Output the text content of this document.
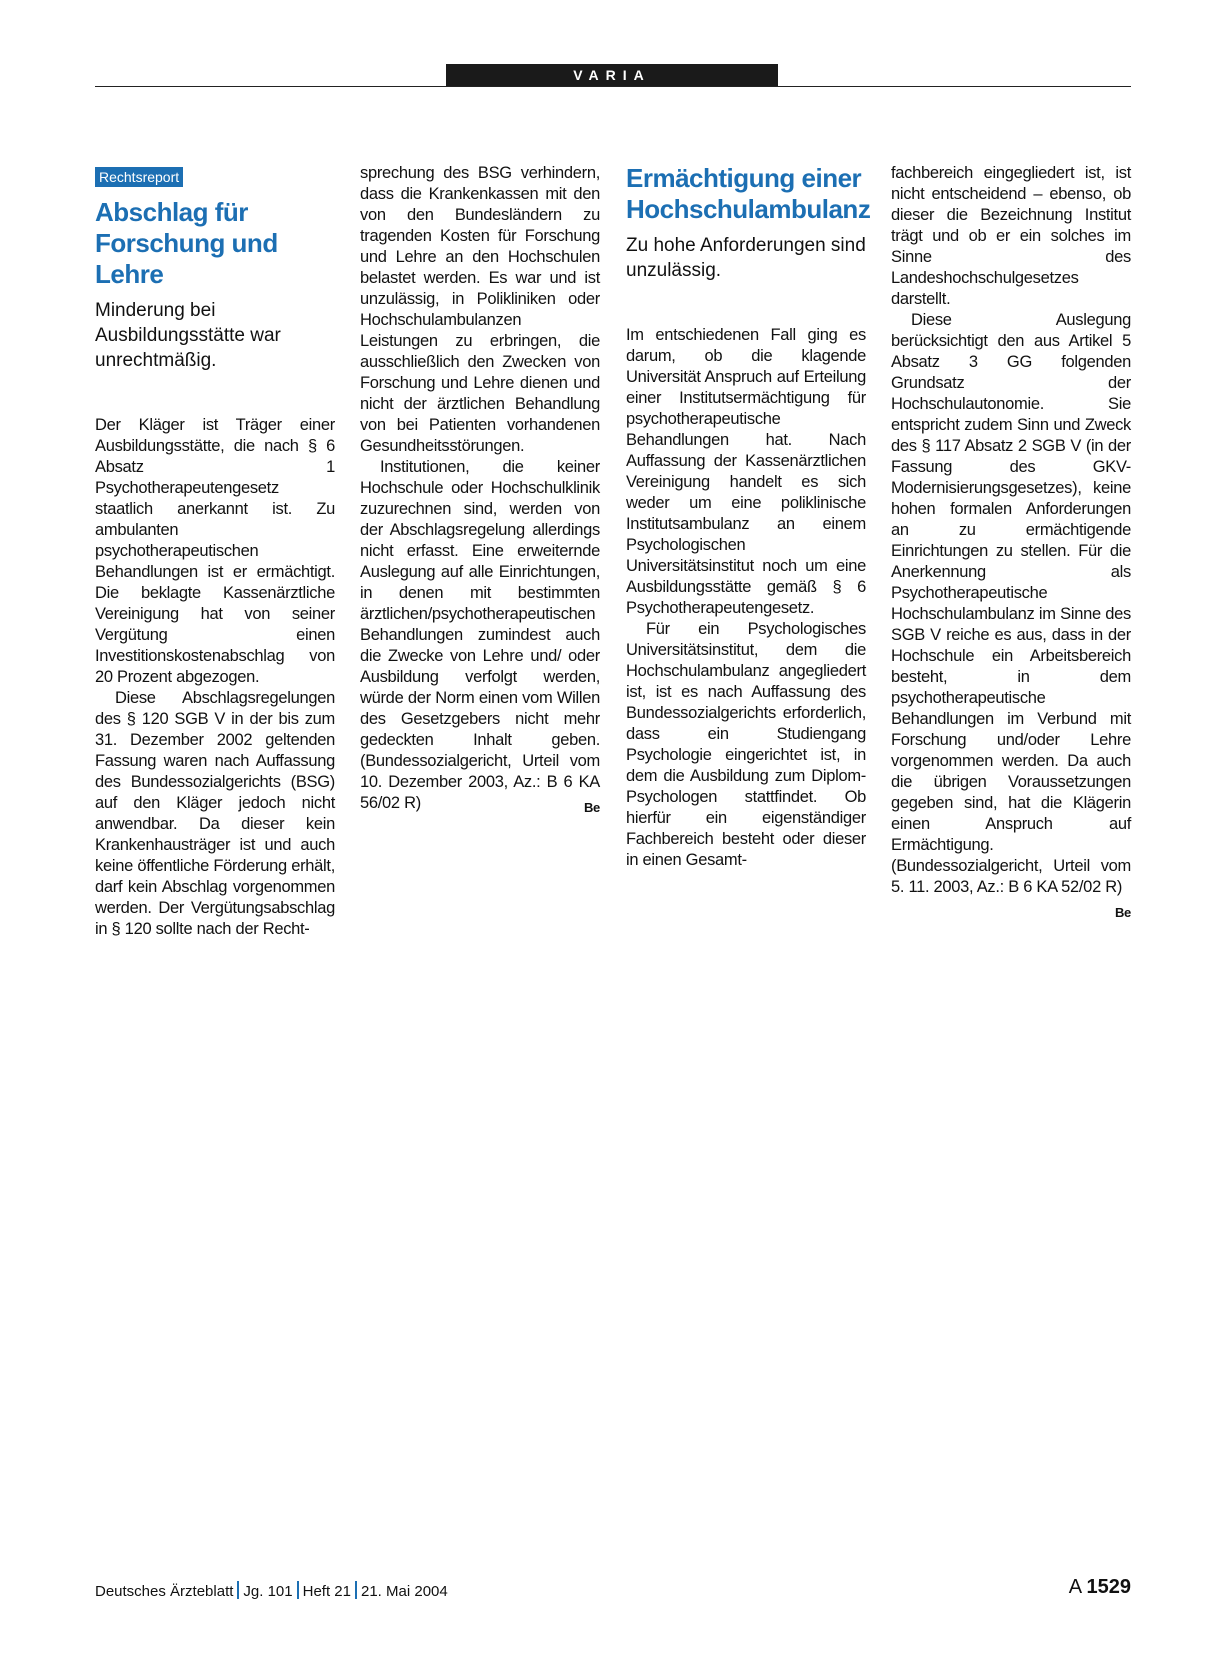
VARIA
Rechtsreport
Abschlag für Forschung und Lehre
Minderung bei Ausbildungsstätte war unrechtmäßig.

Der Kläger ist Träger einer Ausbildungsstätte, die nach § 6 Absatz 1 Psychotherapeutengesetz staatlich anerkannt ist. Zu ambulanten psychotherapeutischen Behandlungen ist er ermächtigt. Die beklagte Kassenärztliche Vereinigung hat von seiner Vergütung einen Investitionskostenabschlag von 20 Prozent abgezogen.

Diese Abschlagsregelungen des § 120 SGB V in der bis zum 31. Dezember 2002 geltenden Fassung waren nach Auffassung des Bundessozialgerichts (BSG) auf den Kläger jedoch nicht anwendbar. Da dieser kein Krankenhausträger ist und auch keine öffentliche Förderung erhält, darf kein Abschlag vorgenommen werden. Der Vergütungsabschlag in § 120 sollte nach der Recht-

sprechung des BSG verhindern, dass die Krankenkassen mit den von den Bundesländern zu tragenden Kosten für Forschung und Lehre an den Hochschulen belastet werden. Es war und ist unzulässig, in Polikliniken oder Hochschulambulanzen Leistungen zu erbringen, die ausschließlich den Zwecken von Forschung und Lehre dienen und nicht der ärztlichen Behandlung von bei Patienten vorhandenen Gesundheitsstörungen.

Institutionen, die keiner Hochschule oder Hochschulklinik zuzurechnen sind, werden von der Abschlagsregelung allerdings nicht erfasst. Eine erweiternde Auslegung auf alle Einrichtungen, in denen mit bestimmten ärztlichen/psychotherapeutischen Behandlungen zumindest auch die Zwecke von Lehre und/ oder Ausbildung verfolgt werden, würde der Norm einen vom Willen des Gesetzgebers nicht mehr gedeckten Inhalt geben. (Bundessozialgericht, Urteil vom 10. Dezember 2003, Az.: B 6 KA 56/02 R)	Be

Ermächtigung einer Hochschulambulanz
Zu hohe Anforderungen sind unzulässig.

Im entschiedenen Fall ging es darum, ob die klagende Universität Anspruch auf Erteilung einer Institutsermächtigung für psychotherapeutische Behandlungen hat. Nach Auffassung der Kassenärztlichen Vereinigung handelt es sich weder um eine poliklinische Institutsambulanz an einem Psychologischen Universitätsinstitut noch um eine Ausbildungsstätte gemäß § 6 Psychotherapeutengesetz.

Für ein Psychologisches Universitätsinstitut, dem die Hochschulambulanz angegliedert ist, ist es nach Auffassung des Bundessozialgerichts erforderlich, dass ein Studiengang Psychologie eingerichtet ist, in dem die Ausbildung zum Diplom-Psychologen stattfindet. Ob hierfür ein eigenständiger Fachbereich besteht oder dieser in einen Gesamt-

fachbereich eingegliedert ist, ist nicht entscheidend – ebenso, ob dieser die Bezeichnung Institut trägt und ob er ein solches im Sinne des Landeshochschulgesetzes darstellt.

Diese Auslegung berücksichtigt den aus Artikel 5 Absatz 3 GG folgenden Grundsatz der Hochschulautonomie. Sie entspricht zudem Sinn und Zweck des § 117 Absatz 2 SGB V (in der Fassung des GKV-Modernisierungsgesetzes), keine hohen formalen Anforderungen an zu ermächtigende Einrichtungen zu stellen. Für die Anerkennung als Psychotherapeutische Hochschulambulanz im Sinne des SGB V reiche es aus, dass in der Hochschule ein Arbeitsbereich besteht, in dem psychotherapeutische Behandlungen im Verbund mit Forschung und/oder Lehre vorgenommen werden. Da auch die übrigen Voraussetzungen gegeben sind, hat die Klägerin einen Anspruch auf Ermächtigung. (Bundessozialgericht, Urteil vom 5. 11. 2003, Az.: B 6 KA 52/02 R)
Be

Deutsches Ärzteblatt Jg. 101 Heft 21 21. Mai 2004	A 1529
